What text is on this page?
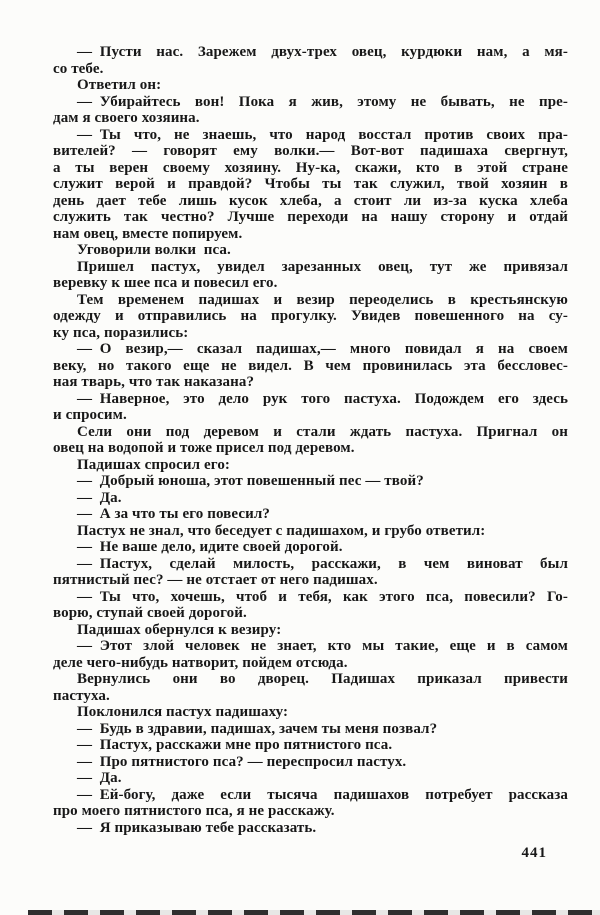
— Пусти нас. Зарежем двух-трех овец, курдюки нам, а мя-
со тебе.
Ответил он:
— Убирайтесь вон! Пока я жив, этому не бывать, не пре-
дам я своего хозяина.
— Ты что, не знаешь, что народ восстал против своих пра-
вителей? — говорят ему волки.— Вот-вот падишаха свергнут,
а ты верен своему хозяину. Ну-ка, скажи, кто в этой стране
служит верой и правдой? Чтобы ты так служил, твой хозяин в
день дает тебе лишь кусок хлеба, а стоит ли из-за куска хлеба
служить так честно? Лучше переходи на нашу сторону и отдай
нам овец, вместе попируем.
Уговорили волки пса.
Пришел пастух, увидел зарезанных овец, тут же привязал
веревку к шее пса и повесил его.
Тем временем падишах и везир переоделись в крестьянскую
одежду и отправились на прогулку. Увидев повешенного на су-
ку пса, поразились:
— О везир,— сказал падишах,— много повидал я на своем
веку, но такого еще не видел. В чем провинилась эта бессловес-
ная тварь, что так наказана?
— Наверное, это дело рук того пастуха. Подождем его здесь
и спросим.
Сели они под деревом и стали ждать пастуха. Пригнал он
овец на водопой и тоже присел под деревом.
Падишах спросил его:
— Добрый юноша, этот повешенный пес — твой?
— Да.
— А за что ты его повесил?
Пастух не знал, что беседует с падишахом, и грубо ответил:
— Не ваше дело, идите своей дорогой.
— Пастух, сделай милость, расскажи, в чем виноват был
пятнистый пес? — не отстает от него падишах.
— Ты что, хочешь, чтоб и тебя, как этого пса, повесили? Го-
ворю, ступай своей дорогой.
Падишах обернулся к везиру:
— Этот злой человек не знает, кто мы такие, еще и в самом
деле чего-нибудь натворит, пойдем отсюда.
Вернулись они во дворец. Падишах приказал привести
пастуха.
Поклонился пастух падишаху:
— Будь в здравии, падишах, зачем ты меня позвал?
— Пастух, расскажи мне про пятнистого пса.
— Про пятнистого пса? — переспросил пастух.
— Да.
— Ей-богу, даже если тысяча падишахов потребует рассказа
про моего пятнистого пса, я не расскажу.
— Я приказываю тебе рассказать.
441
